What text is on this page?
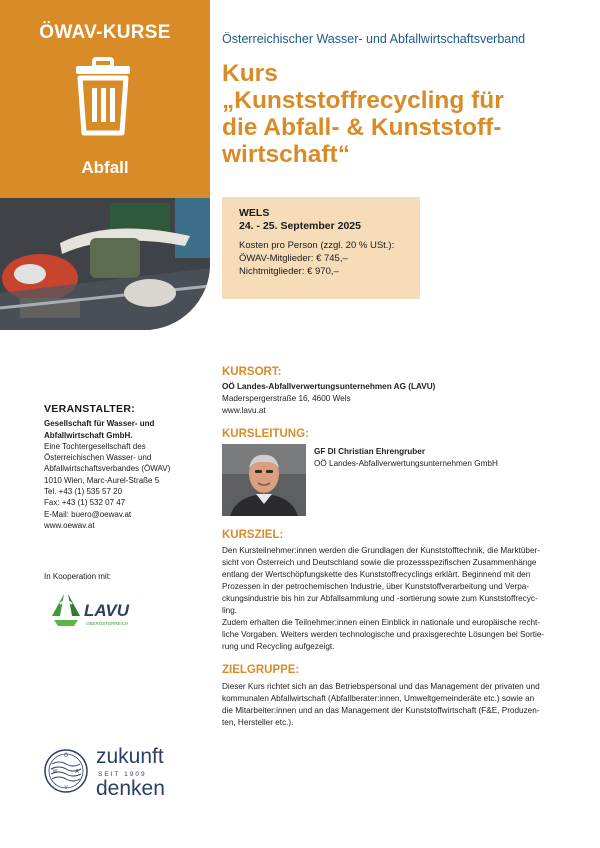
ÖWAV-KURSE
Abfall
Österreichischer Wasser- und Abfallwirtschaftsverband
Kurs
„Kunststoffrecycling für
die Abfall- & Kunststoff-
wirtschaft“
WELS
24. - 25. September 2025
Kosten pro Person (zzgl. 20 % USt.):
ÖWAV-Mitglieder: € 745,–
Nichtmitglieder: € 970,–
KURSORT:
OÖ Landes-Abfallverwertungsunternehmen AG (LAVU)
Maderspergerstraße 16, 4600 Wels
www.lavu.at
KURSLEITUNG:
GF DI Christian Ehrengruber
OÖ Landes-Abfallverwertungsunternehmen GmbH
KURSZIEL:
Den Kursteilnehmer:innen werden die Grundlagen der Kunststofftechnik, die Marktüber-
sicht von Österreich und Deutschland sowie die prozessspezifischen Zusammenhänge
entlang der Wertschöpfungskette des Kunststoffrecyclings erklärt. Beginnend mit den
Prozessen in der petrochemischen Industrie, über Kunststoffverarbeitung und Verpa-
ckungsindustrie bis hin zur Abfallsammlung und -sortierung sowie zum Kunststoffrecyc-
ling.
Zudem erhalten die Teilnehmer:innen einen Einblick in nationale und europäische recht-
liche Vorgaben. Weiters werden technologische und praxisgerechte Lösungen bei Sortie-
rung und Recycling aufgezeigt.
ZIELGRUPPE:
Dieser Kurs richtet sich an das Betriebspersonal und das Management der privaten und
kommunalen Abfallwirtschaft (Abfallberater:innen, Umweltgemeinderäte etc.) sowie an
die Mitarbeiter:innen und an das Management der Kunststoffwirtschaft (F&E, Produzen-
ten, Hersteller etc.).
VERANSTALTER:
Gesellschaft für Wasser- und
Abfallwirtschaft GmbH.
Eine Tochtergesellschaft des
Österreichischen Wasser- und
Abfallwirtschaftsverbandes (ÖWAV)
1010 Wien, Marc-Aurel-Straße 5
Tel. +43 (1) 535 57 20
Fax: +43 (1) 532 07 47
E-Mail: buero@oewav.at
www.oewav.at
In Kooperation mit:
LAVU
OBERÖSTERREICH
Ö
W	A
V
zukunft
SEIT 1909
denken
